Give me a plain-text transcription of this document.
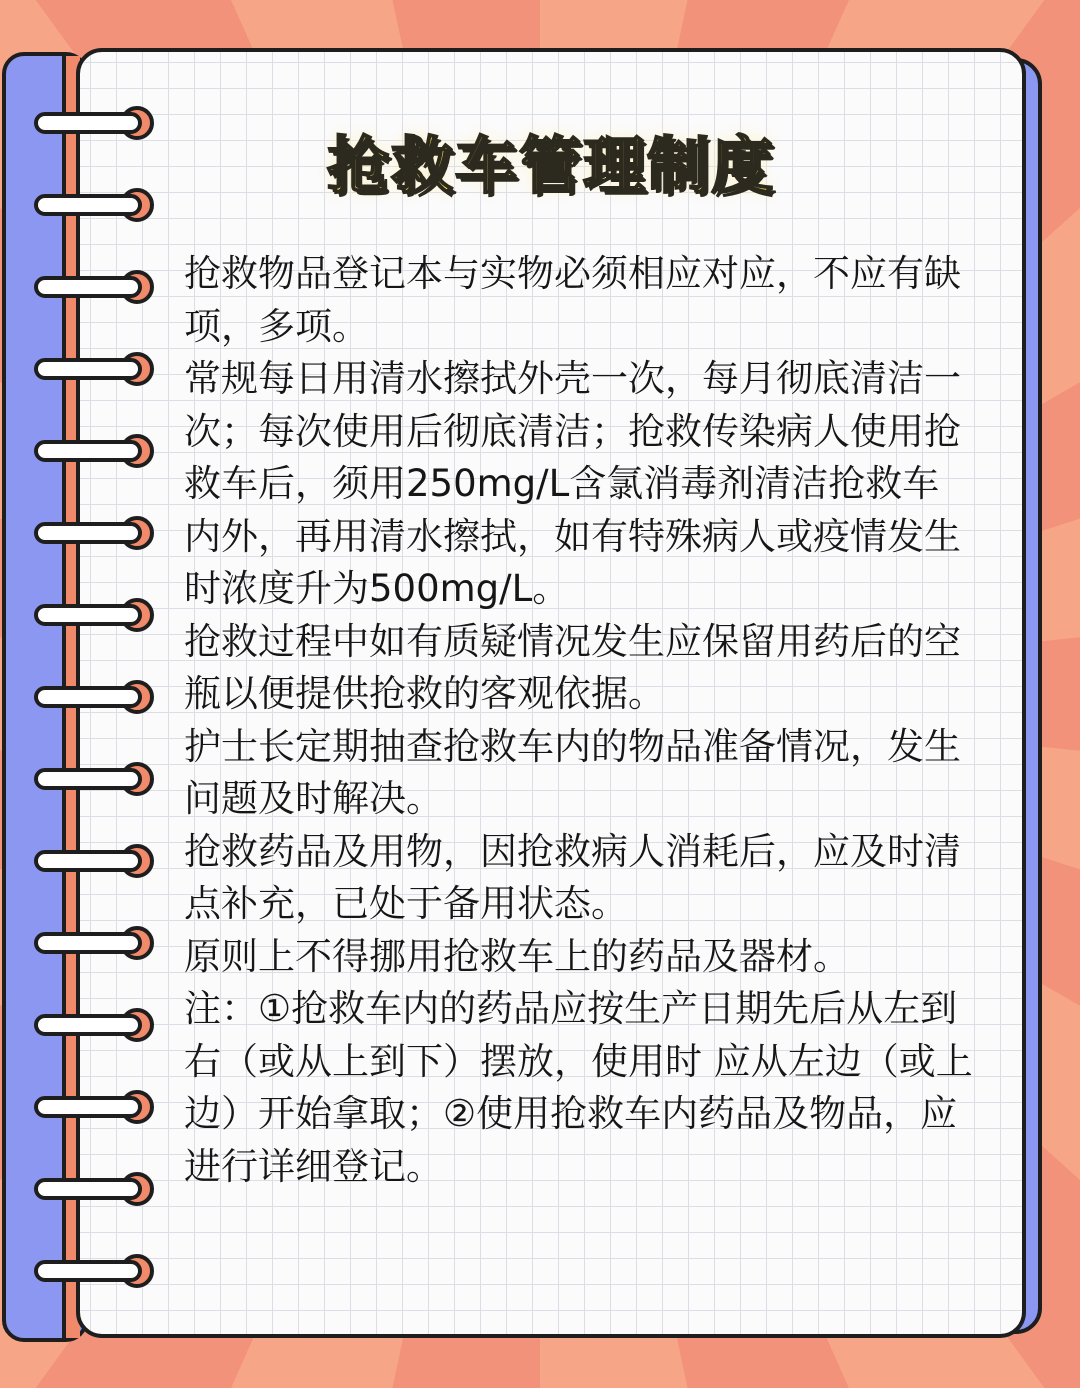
抢救车管理制度

抢救物品登记本与实物必须相应对应，不应有缺项，多项。

常规每日用清水擦拭外壳一次，每月彻底清洁一次；每次使用后彻底清洁；抢救传染病人使用抢救车后，须用250mg/L含氯消毒剂清洁抢救车内外，再用清水擦拭，如有特殊病人或疫情发生时浓度升为500mg/L。

抢救过程中如有质疑情况发生应保留用药后的空瓶以便提供抢救的客观依据。

护士长定期抽查抢救车内的物品准备情况，发生问题及时解决。

抢救药品及用物，因抢救病人消耗后，应及时清点补充，已处于备用状态。

原则上不得挪用抢救车上的药品及器材。

注：①抢救车内的药品应按生产日期先后从左到右（或从上到下）摆放，使用时 应从左边（或上边）开始拿取；②使用抢救车内药品及物品，应进行详细登记。
